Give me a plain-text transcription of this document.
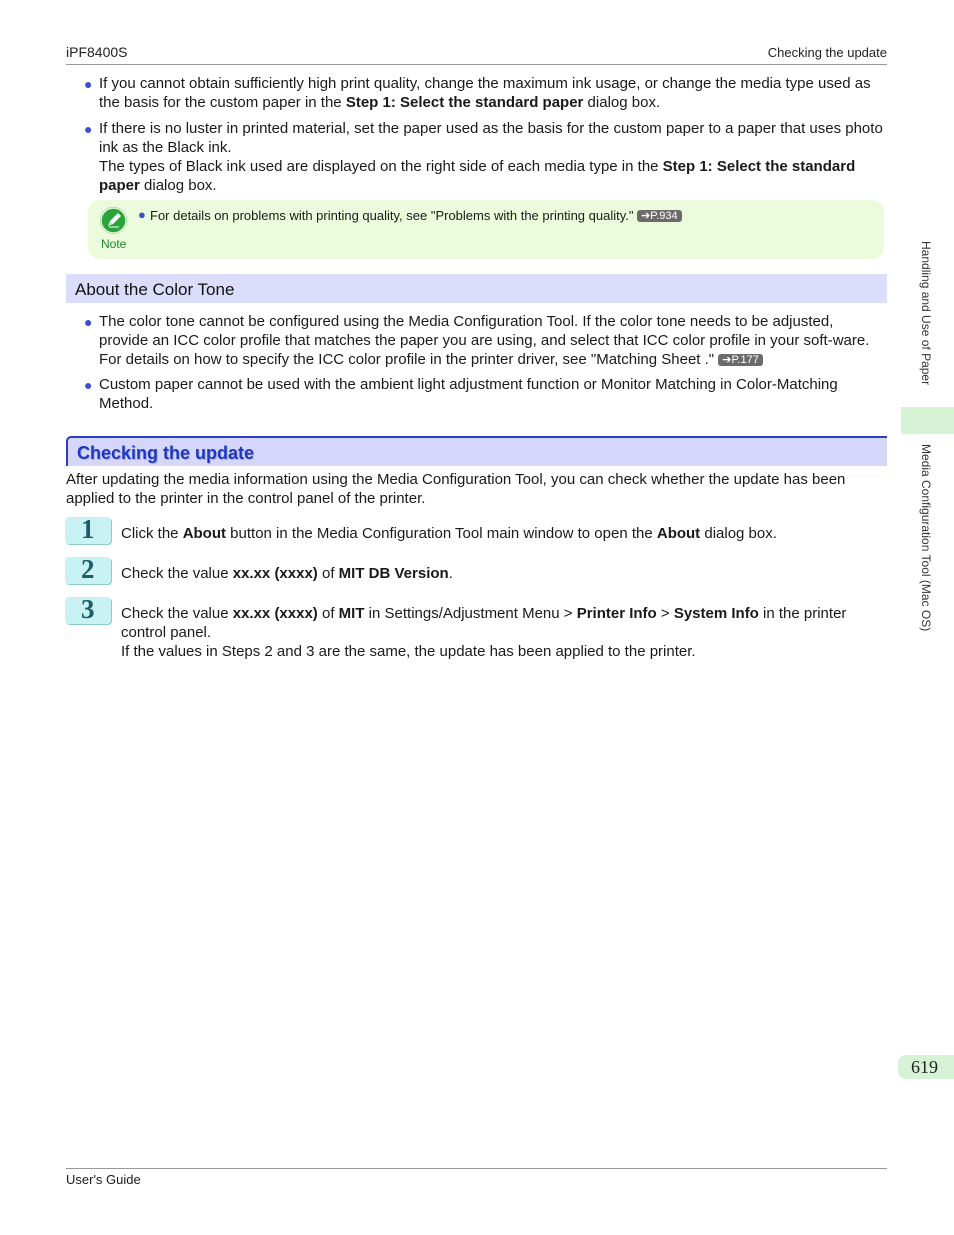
iPF8400S	Checking the update
● If you cannot obtain sufficiently high print quality, change the maximum ink usage, or change the media type used as the basis for the custom paper in the Step 1: Select the standard paper dialog box.
● If there is no luster in printed material, set the paper used as the basis for the custom paper to a paper that uses photo ink as the Black ink.
The types of Black ink used are displayed on the right side of each media type in the Step 1: Select the standard paper dialog box.
Note
● For details on problems with printing quality, see "Problems with the printing quality." ➔P.934
About the Color Tone
● The color tone cannot be configured using the Media Configuration Tool. If the color tone needs to be adjusted, provide an ICC color profile that matches the paper you are using, and select that ICC color profile in your soft-ware. For details on how to specify the ICC color profile in the printer driver, see "Matching Sheet ." ➔P.177
● Custom paper cannot be used with the ambient light adjustment function or Monitor Matching in Color-Matching Method.
Checking the update
After updating the media information using the Media Configuration Tool, you can check whether the update has been applied to the printer in the control panel of the printer.
1 Click the About button in the Media Configuration Tool main window to open the About dialog box.
2 Check the value xx.xx (xxxx) of MIT DB Version.
3 Check the value xx.xx (xxxx) of MIT in Settings/Adjustment Menu > Printer Info > System Info in the printer control panel.
If the values in Steps 2 and 3 are the same, the update has been applied to the printer.
Handling and Use of Paper
Media Configuration Tool (Mac OS)
619
User's Guide
